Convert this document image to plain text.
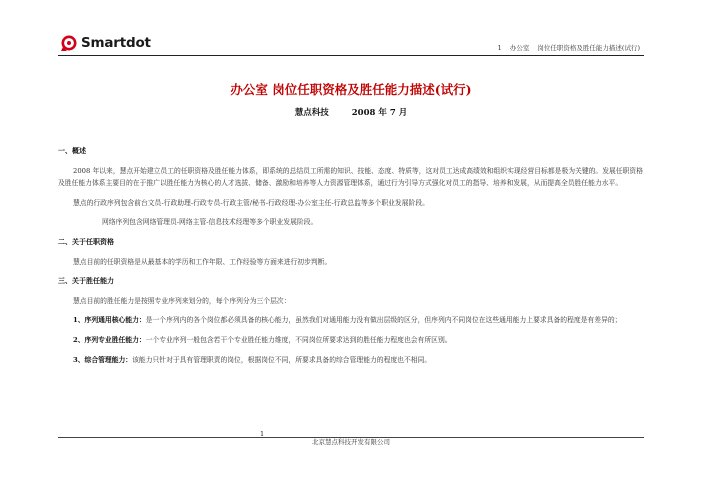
Smartdot	1 办公室 岗位任职资格及胜任能力描述(试行)
办公室 岗位任职资格及胜任能力描述(试行)
慧点科技	2008 年 7 月

一、概述

2008 年以来，慧点开始建立员工的任职资格及胜任能力体系，即系统的总结员工所需的知识、技能、态度、特质等，这对员工达成高绩效和组织实现经营目标都是极为关键的。发展任职资格及胜任能力体系主要目的在于推广以胜任能力为核心的人才选拔、储备、激励和培养等人力资源管理体系，通过行为引导方式强化对员工的指导、培养和发展，从而提高全员胜任能力水平。

慧点的行政序列包含前台文员-行政助理-行政专员-行政主管/秘书-行政经理-办公室主任-行政总监等多个职业发展阶段。

网络序列包含网络管理员-网络主管-信息技术经理等多个职业发展阶段。

二、关于任职资格

慧点目前的任职资格是从最基本的学历和工作年限、工作经验等方面来进行初步判断。

三、关于胜任能力

慧点目前的胜任能力是按照专业序列来划分的，每个序列分为三个层次：

1、序列通用核心能力：是一个序列内的各个岗位都必须具备的核心能力，虽然我们对通用能力没有做出层级的区分，但序列内不同岗位在这些通用能力上要求具备的程度是有差异的；

2、序列专业胜任能力：一个专业序列一般包含若干个专业胜任能力维度，不同岗位所要求达到的胜任能力程度也会有所区别。

3、综合管理能力：该能力只针对于具有管理职责的岗位，根据岗位不同，所要求具备的综合管理能力的程度也不相同。

1
北京慧点科技开发有限公司
